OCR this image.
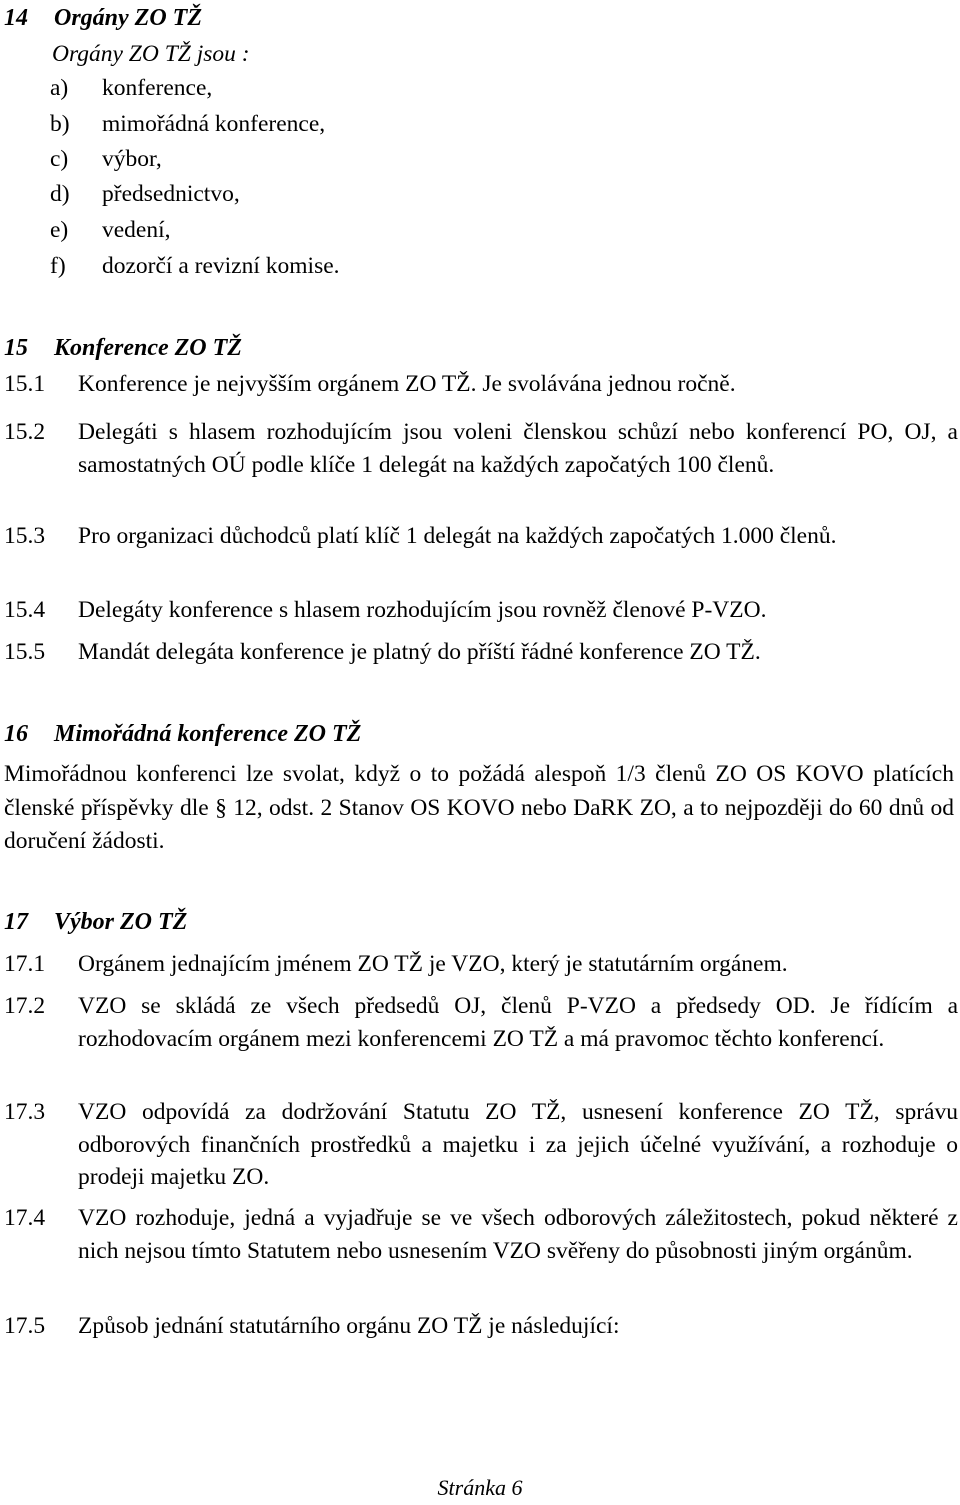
14 Orgány ZO TŽ
Orgány ZO TŽ jsou :
a) konference,
b) mimořádná konference,
c) výbor,
d) předsednictvo,
e) vedení,
f) dozorčí a revizní komise.
15 Konference ZO TŽ
15.1 Konference je nejvyšším orgánem ZO TŽ. Je svolávána jednou ročně.
15.2 Delegáti s hlasem rozhodujícím jsou voleni členskou schůzí nebo konferencí PO, OJ, a samostatných OÚ podle klíče 1 delegát na každých započatých 100 členů.
15.3 Pro organizaci důchodců platí klíč 1 delegát na každých započatých 1.000 členů.
15.4 Delegáty konference s hlasem rozhodujícím jsou rovněž členové P-VZO.
15.5 Mandát delegáta konference je platný do příští řádné konference ZO TŽ.
16 Mimořádná konference ZO TŽ
Mimořádnou konferenci lze svolat, když o to požádá alespoň 1/3 členů ZO OS KOVO platících členské příspěvky dle § 12, odst. 2 Stanov OS KOVO nebo DaRK ZO, a to nejpozději do 60 dnů od doručení žádosti.
17 Výbor ZO TŽ
17.1 Orgánem jednajícím jménem ZO TŽ je VZO, který je statutárním orgánem.
17.2 VZO se skládá ze všech předsedů OJ, členů P-VZO a předsedy OD. Je řídícím a rozhodovacím orgánem mezi konferencemi ZO TŽ a má pravomoc těchto konferencí.
17.3 VZO odpovídá za dodržování Statutu ZO TŽ, usnesení konference ZO TŽ, správu odborových finančních prostředků a majetku i za jejich účelné využívání, a rozhoduje o prodeji majetku ZO.
17.4 VZO rozhoduje, jedná a vyjadřuje se ve všech odborových záležitostech, pokud některé z nich nejsou tímto Statutem nebo usnesením VZO svěřeny do působnosti jiným orgánům.
17.5 Způsob jednání statutárního orgánu ZO TŽ je následující:
Stránka 6
